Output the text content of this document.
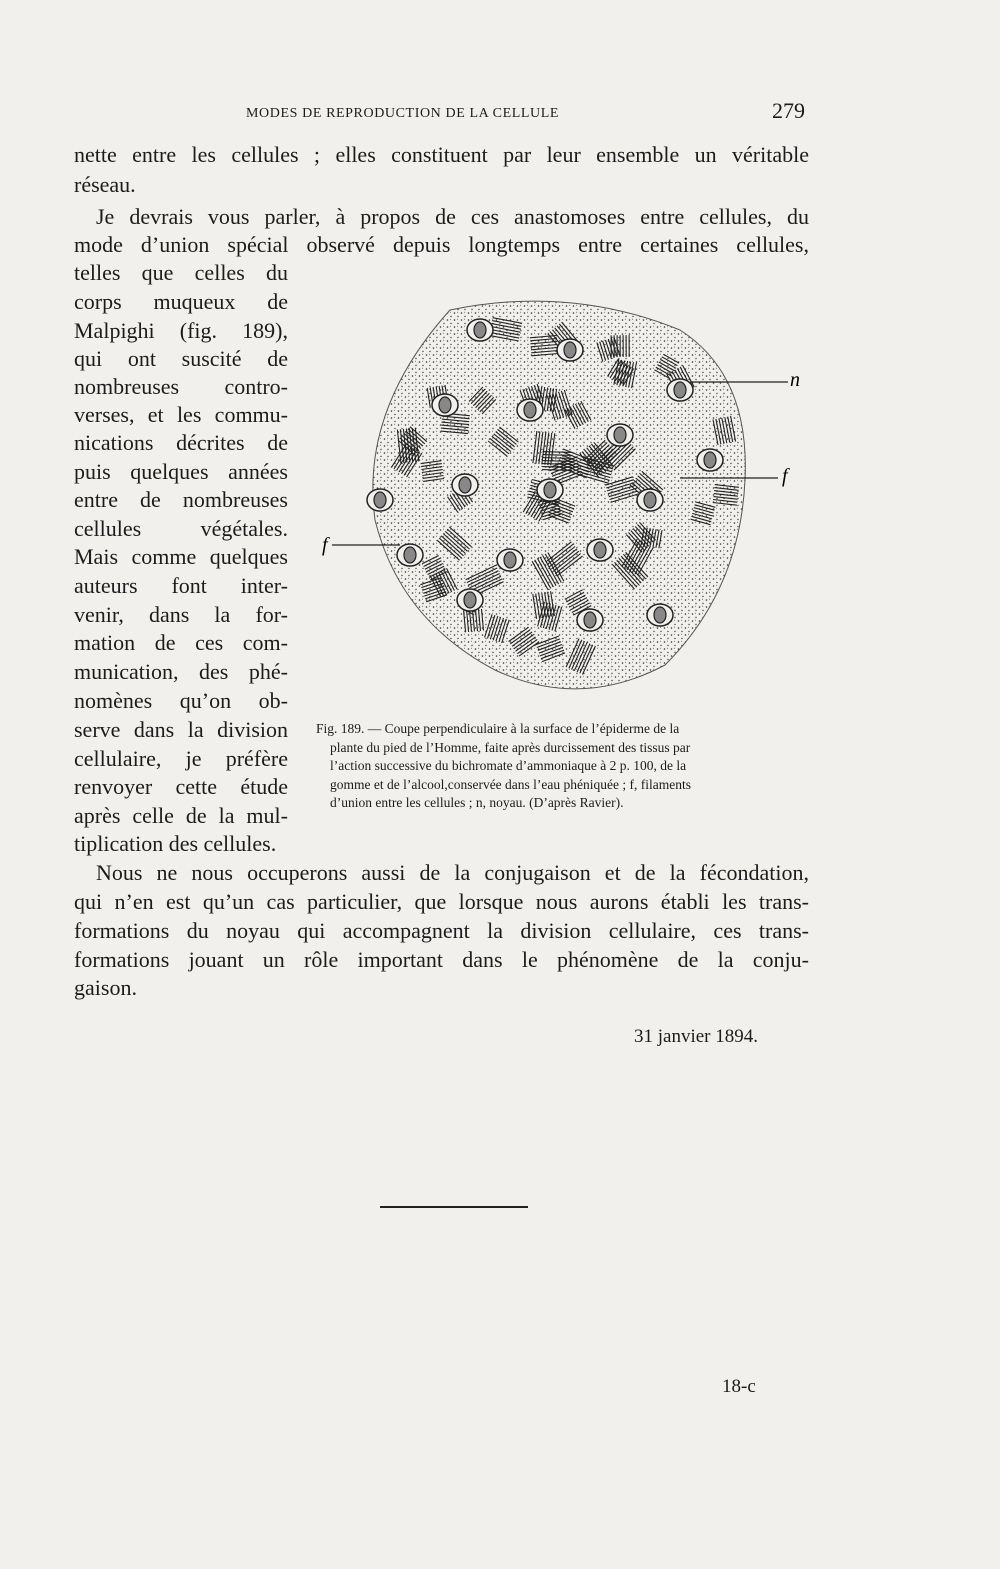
MODES DE REPRODUCTION DE LA CELLULE	279
nette entre les cellules ; elles constituent par leur ensemble un véritable
réseau.
Je devrais vous parler, à propos de ces anastomoses entre cellules, du
mode d’union spécial observé depuis longtemps entre certaines cellules,
telles que celles du
corps muqueux de
Malpighi (fig. 189),
qui ont suscité de
nombreuses contro-
verses, et les commu-
nications décrites de
puis quelques années
entre de nombreuses
cellules végétales.
Mais comme quelques
auteurs font inter-
venir, dans la for-
mation de ces com-
munication, des phé-
nomènes qu’on ob-
serve dans la division
cellulaire, je préfère
renvoyer cette étude
après celle de la mul-
tiplication des cellules.
n
f
f
Fig. 189. — Coupe perpendiculaire à la surface de l’épiderme de la
plante du pied de l’Homme, faite après durcissement des tissus par
l’action successive du bichromate d’ammoniaque à 2 p. 100, de la
gomme et de l’alcool,conservée dans l’eau phéniquée ; f, filaments
d’union entre les cellules ; n, noyau. (D’après Ravier).
Nous ne nous occuperons aussi de la conjugaison et de la fécondation,
qui n’en est qu’un cas particulier, que lorsque nous aurons établi les trans-
formations du noyau qui accompagnent la division cellulaire, ces trans-
formations jouant un rôle important dans le phénomène de la conju-
gaison.
31 janvier 1894.
18-c
